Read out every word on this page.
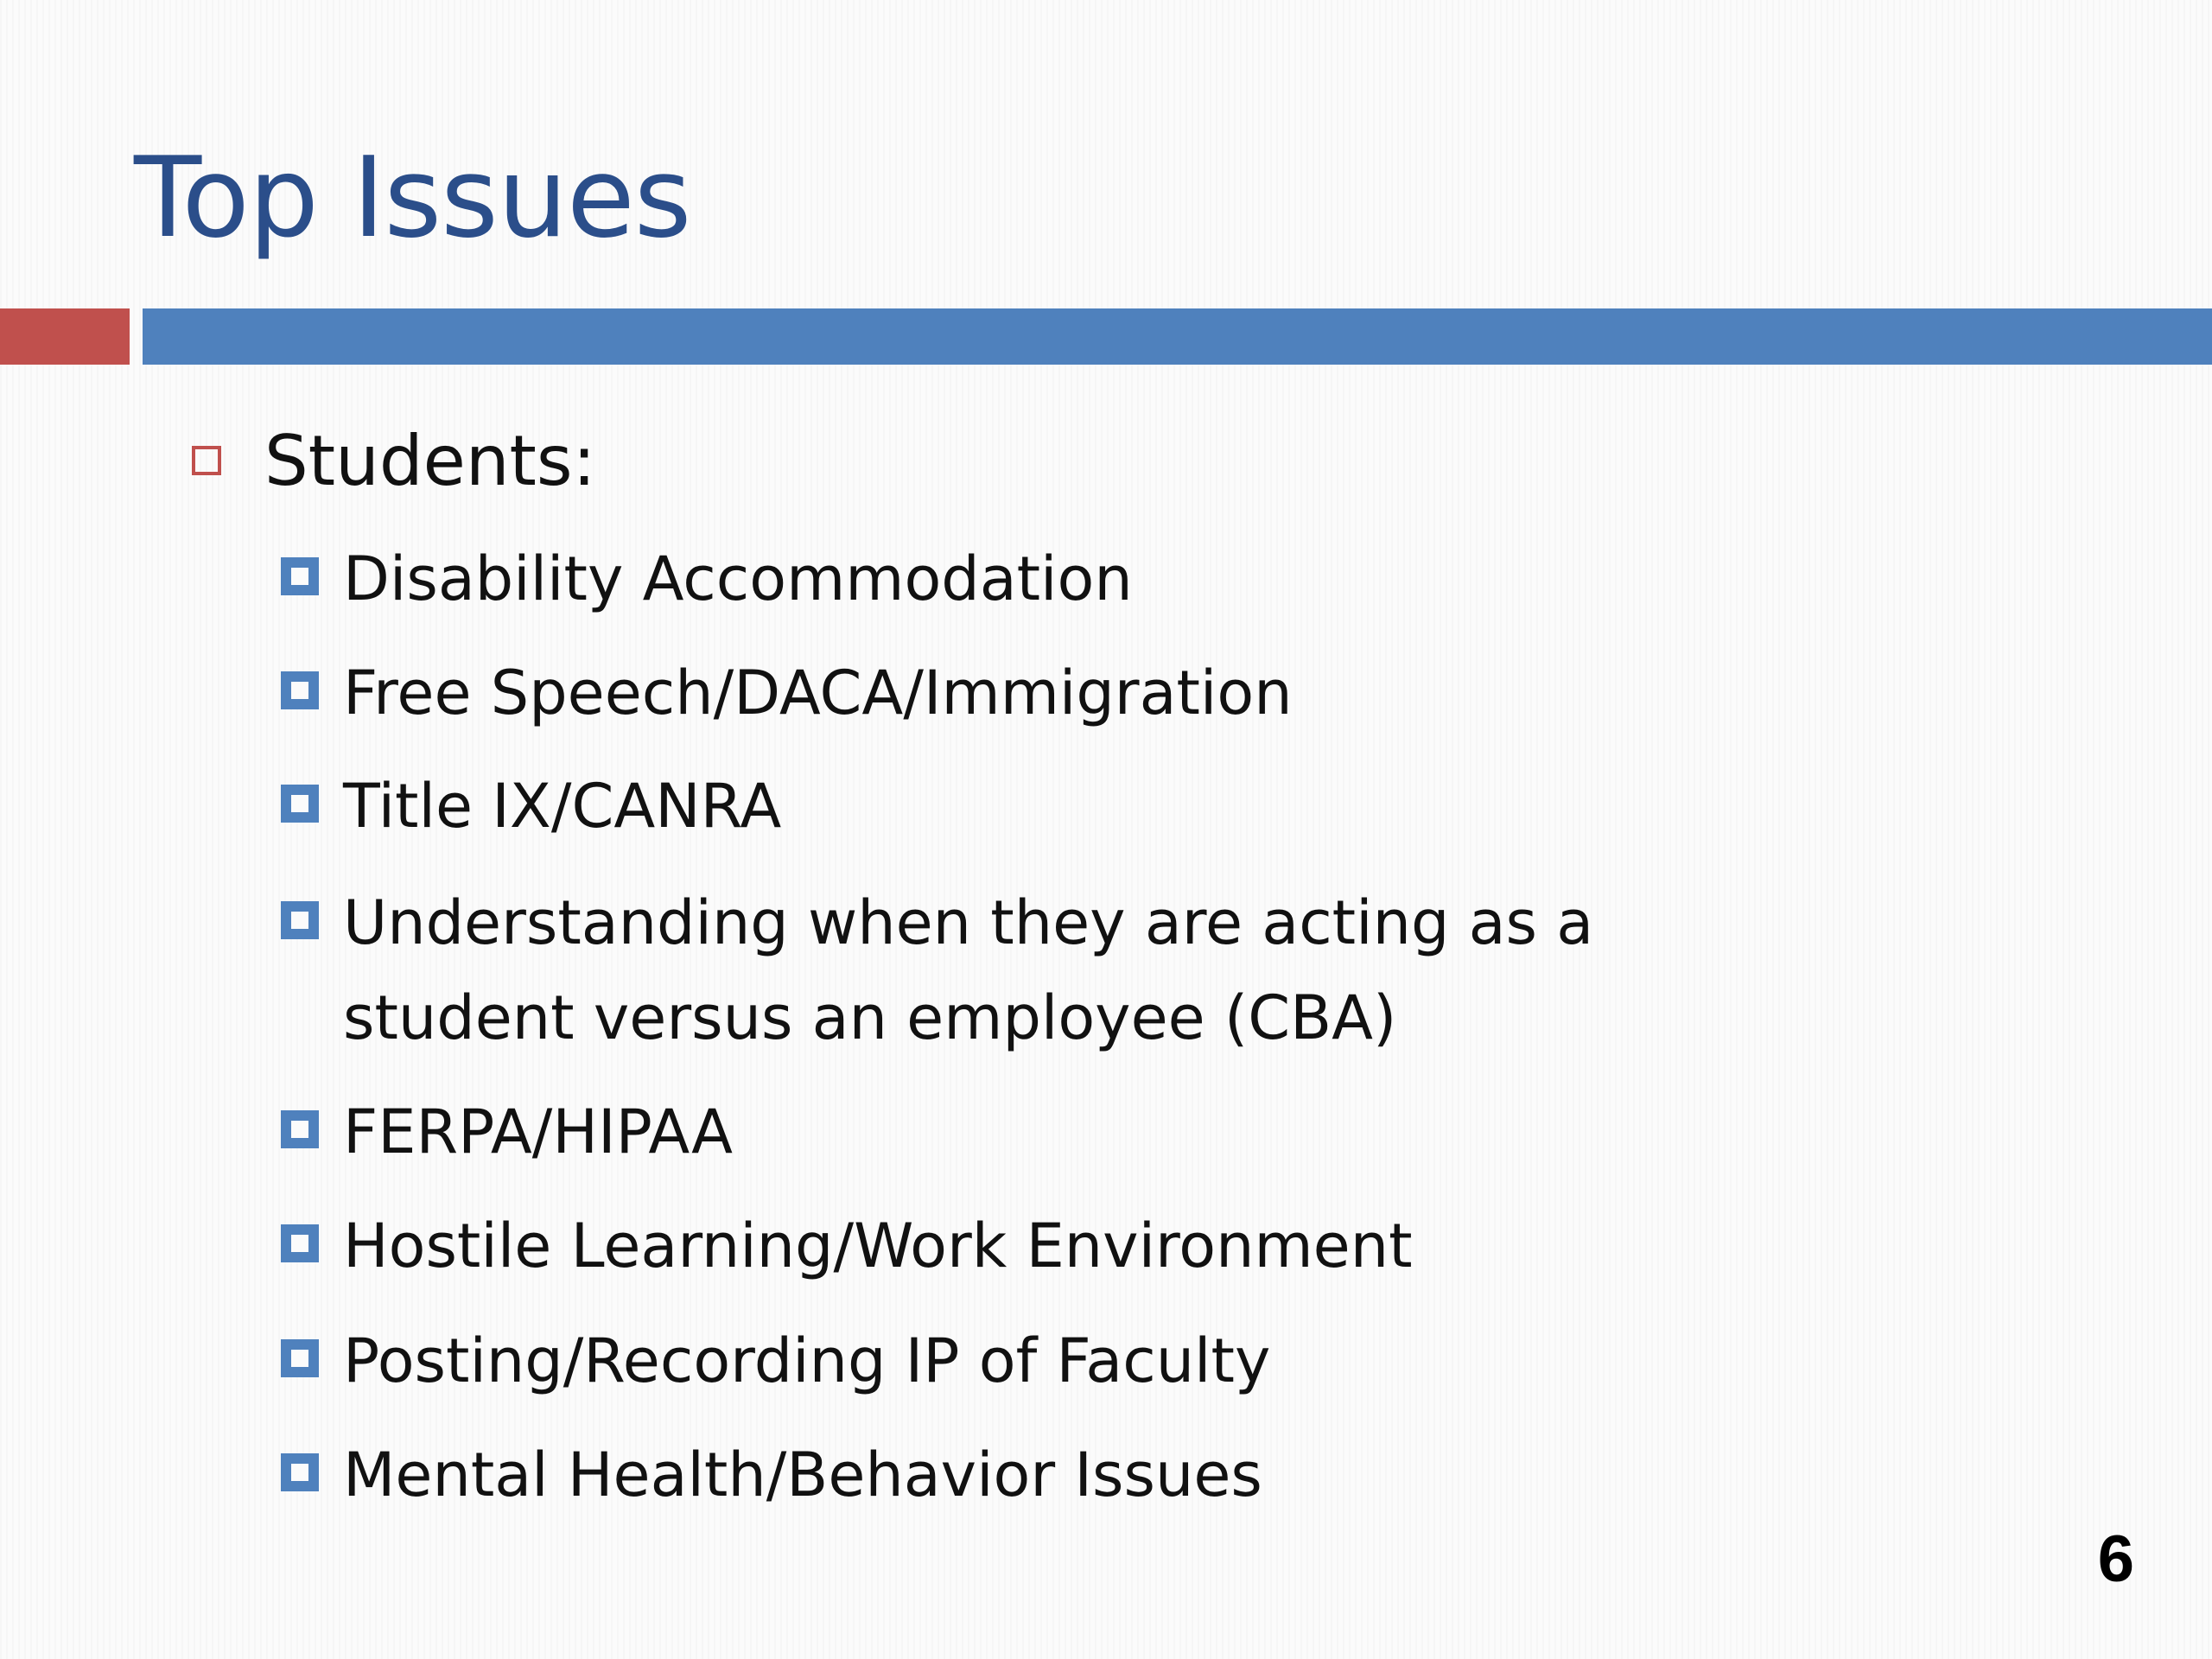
Top Issues
Students:
Disability Accommodation
Free Speech/DACA/Immigration
Title IX/CANRA
Understanding when they are acting as a student versus an employee (CBA)
FERPA/HIPAA
Hostile Learning/Work Environment
Posting/Recording IP of Faculty
Mental Health/Behavior Issues
6
